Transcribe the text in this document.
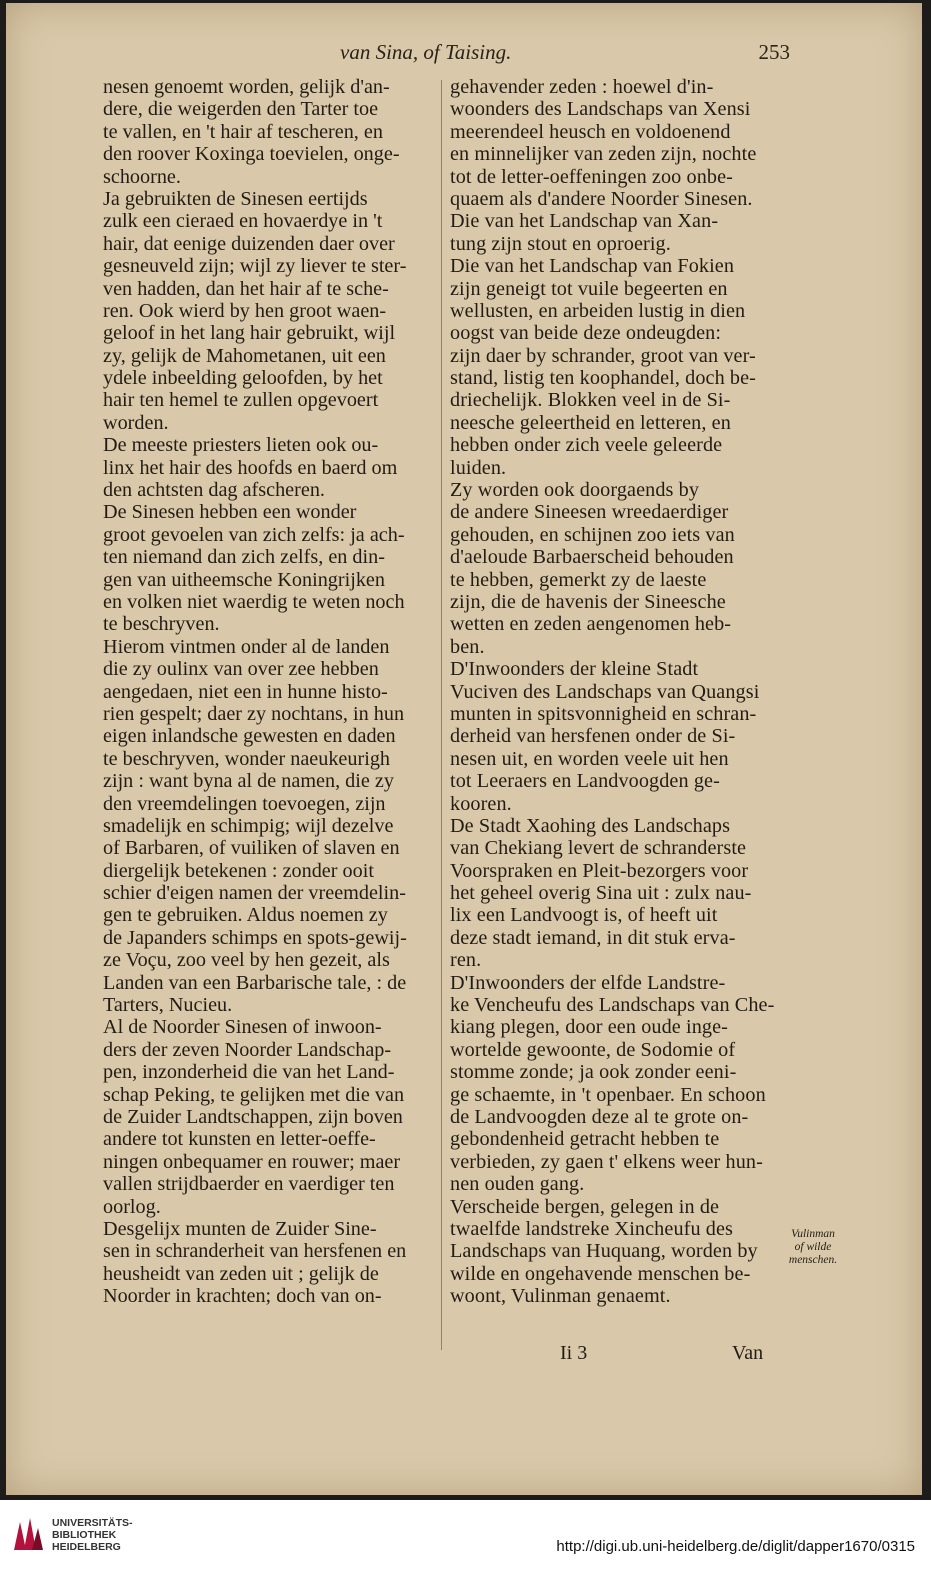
van Sina, of Taising.	253
nesen genoemt worden, gelijk d'an-
dere, die weigerden den Tarter toe
te vallen, en 't hair af tescheren, en
den roover Koxinga toevielen, onge-
schoorne.
Ja gebruikten de Sinesen eertijds
zulk een cieraed en hovaerdye in 't
hair, dat eenige duizenden daer over
gesneuveld zijn; wijl zy liever te ster-
ven hadden, dan het hair af te sche-
ren. Ook wierd by hen groot waen-
geloof in het lang hair gebruikt, wijl
zy, gelijk de Mahometanen, uit een
ydele inbeelding geloofden, by het
hair ten hemel te zullen opgevoert
worden.
De meeste priesters lieten ook ou-
linx het hair des hoofds en baerd om
den achtsten dag afscheren.
De Sinesen hebben een wonder
groot gevoelen van zich zelfs: ja ach-
ten niemand dan zich zelfs, en din-
gen van uitheemsche Koningrijken
en volken niet waerdig te weten noch
te beschryven.
Hierom vintmen onder al de landen
die zy oulinx van over zee hebben
aengedaen, niet een in hunne histo-
rien gespelt; daer zy nochtans, in hun
eigen inlandsche gewesten en daden
te beschryven, wonder naeukeurigh
zijn : want byna al de namen, die zy
den vreemdelingen toevoegen, zijn
smadelijk en schimpig; wijl dezelve
of Barbaren, of vuiliken of slaven en
diergelijk betekenen : zonder ooit
schier d'eigen namen der vreemdelin-
gen te gebruiken. Aldus noemen zy
de Japanders schimps en spots-gewij-
ze Voçu, zoo veel by hen gezeit, als
Landen van een Barbarische tale, : de
Tarters, Nucieu.
Al de Noorder Sinesen of inwoon-
ders der zeven Noorder Landschap-
pen, inzonderheid die van het Land-
schap Peking, te gelijken met die van
de Zuider Landtschappen, zijn boven
andere tot kunsten en letter-oeffe-
ningen onbequamer en rouwer; maer
vallen strijdbaerder en vaerdiger ten
oorlog.
Desgelijx munten de Zuider Sine-
sen in schranderheit van hersfenen en
heusheidt van zeden uit ; gelijk de
Noorder in krachten; doch van on-
gehavender zeden : hoewel d'in-
woonders des Landschaps van Xensi
meerendeel heusch en voldoenend
en minnelijker van zeden zijn, nochte
tot de letter-oeffeningen zoo onbe-
quaem als d'andere Noorder Sinesen.
Die van het Landschap van Xan-
tung zijn stout en oproerig.
Die van het Landschap van Fokien
zijn geneigt tot vuile begeerten en
wellusten, en arbeiden lustig in dien
oogst van beide deze ondeugden:
zijn daer by schrander, groot van ver-
stand, listig ten koophandel, doch be-
driechelijk. Blokken veel in de Si-
neesche geleertheid en letteren, en
hebben onder zich veele geleerde
luiden.
Zy worden ook doorgaends by
de andere Sineesen wreedaerdiger
gehouden, en schijnen zoo iets van
d'aeloude Barbaerscheid behouden
te hebben, gemerkt zy de laeste
zijn, die de havenis der Sineesche
wetten en zeden aengenomen heb-
ben.
D'Inwoonders der kleine Stadt
Vuciven des Landschaps van Quangsi
munten in spitsvonnigheid en schran-
derheid van hersfenen onder de Si-
nesen uit, en worden veele uit hen
tot Leeraers en Landvoogden ge-
kooren.
De Stadt Xaohing des Landschaps
van Chekiang levert de schranderste
Voorspraken en Pleit-bezorgers voor
het geheel overig Sina uit : zulx nau-
lix een Landvoogt is, of heeft uit
deze stadt iemand, in dit stuk erva-
ren.
D'Inwoonders der elfde Landstre-
ke Vencheufu des Landschaps van Che-
kiang plegen, door een oude inge-
wortelde gewoonte, de Sodomie of
stomme zonde; ja ook zonder eeni-
ge schaemte, in 't openbaer. En schoon
de Landvoogden deze al te grote on-
gebondenheid getracht hebben te
verbieden, zy gaen t' elkens weer hun-
nen ouden gang.
Verscheide bergen, gelegen in de
twaelfde landstreke Xincheufu des
Landschaps van Huquang, worden by
wilde en ongehavende menschen be-
woont, Vulinman genaemt.
Vulinman
of wilde
menschen.
Ii 3	Van
UNIVERSITÄTS-
BIBLIOTHEK
HEIDELBERG	http://digi.ub.uni-heidelberg.de/diglit/dapper1670/0315
